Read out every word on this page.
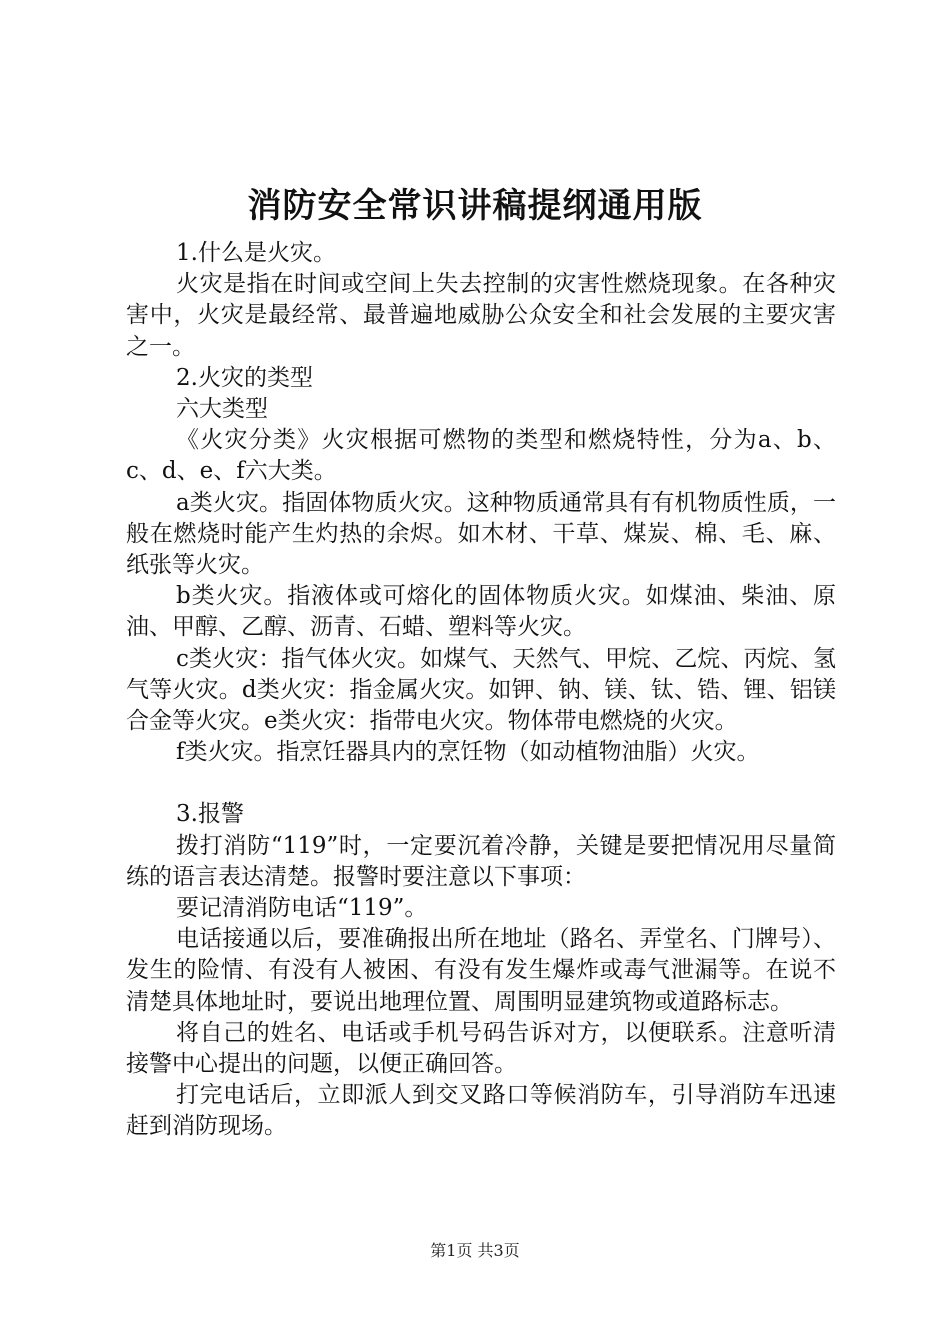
消防安全常识讲稿提纲通用版

1.什么是火灾。

火灾是指在时间或空间上失去控制的灾害性燃烧现象。在各种灾害中，火灾是最经常、最普遍地威胁公众安全和社会发展的主要灾害之一。

2.火灾的类型

六大类型

《火灾分类》火灾根据可燃物的类型和燃烧特性，分为a、b、c、d、e、f六大类。

a类火灾。指固体物质火灾。这种物质通常具有有机物质性质，一般在燃烧时能产生灼热的余烬。如木材、干草、煤炭、棉、毛、麻、纸张等火灾。

b类火灾。指液体或可熔化的固体物质火灾。如煤油、柴油、原油、甲醇、乙醇、沥青、石蜡、塑料等火灾。

c类火灾：指气体火灾。如煤气、天然气、甲烷、乙烷、丙烷、氢气等火灾。d类火灾：指金属火灾。如钾、钠、镁、钛、锆、锂、铝镁合金等火灾。e类火灾：指带电火灾。物体带电燃烧的火灾。

f类火灾。指烹饪器具内的烹饪物（如动植物油脂）火灾。

3.报警

拨打消防“119”时，一定要沉着冷静，关键是要把情况用尽量简练的语言表达清楚。报警时要注意以下事项：

要记清消防电话“119”。

电话接通以后，要准确报出所在地址（路名、弄堂名、门牌号）、发生的险情、有没有人被困、有没有发生爆炸或毒气泄漏等。在说不清楚具体地址时，要说出地理位置、周围明显建筑物或道路标志。

将自己的姓名、电话或手机号码告诉对方，以便联系。注意听清接警中心提出的问题，以便正确回答。

打完电话后，立即派人到交叉路口等候消防车，引导消防车迅速赶到消防现场。

第1页 共3页
